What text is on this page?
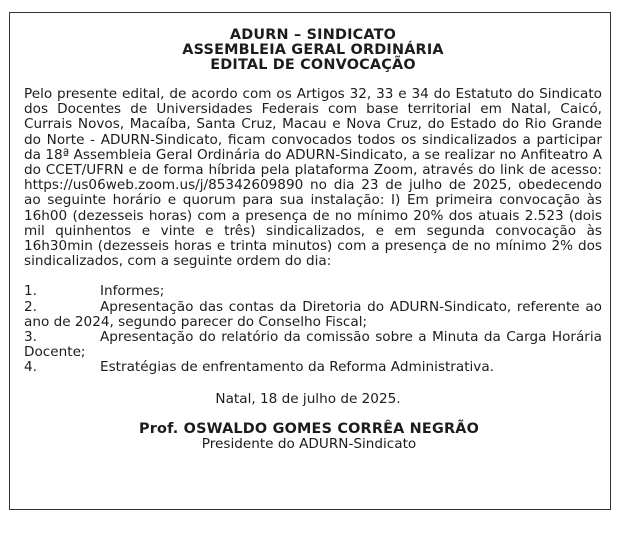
ADURN – SINDICATO
ASSEMBLEIA GERAL ORDINÁRIA
EDITAL DE CONVOCAÇÃO
Pelo presente edital, de acordo com os Artigos 32, 33 e 34 do Estatuto do Sindicato dos Docentes de Universidades Federais com base territorial em Natal, Caicó, Currais Novos, Macaíba, Santa Cruz, Macau e Nova Cruz, do Estado do Rio Grande do Norte - ADURN-Sindicato, ficam convocados todos os sindicalizados a participar da 18ª Assembleia Geral Ordinária do ADURN-Sindicato, a se realizar no Anfiteatro A do CCET/UFRN e de forma híbrida pela plataforma Zoom, através do link de acesso: https://us06web.zoom.us/j/85342609890 no dia 23 de julho de 2025, obedecendo ao seguinte horário e quorum para sua instalação: I) Em primeira convocação às 16h00 (dezesseis horas) com a presença de no mínimo 20% dos atuais 2.523 (dois mil quinhentos e vinte e três) sindicalizados, e em segunda convocação às 16h30min (dezesseis horas e trinta minutos) com a presença de no mínimo 2% dos sindicalizados, com a seguinte ordem do dia:
1.	Informes;
2.	Apresentação das contas da Diretoria do ADURN-Sindicato, referente ao ano de 2024, segundo parecer do Conselho Fiscal;
3.	Apresentação do relatório da comissão sobre a Minuta da Carga Horária Docente;
4.	Estratégias de enfrentamento da Reforma Administrativa.
Natal, 18 de julho de 2025.
Prof. OSWALDO GOMES CORRÊA NEGRÃO
Presidente do ADURN-Sindicato
